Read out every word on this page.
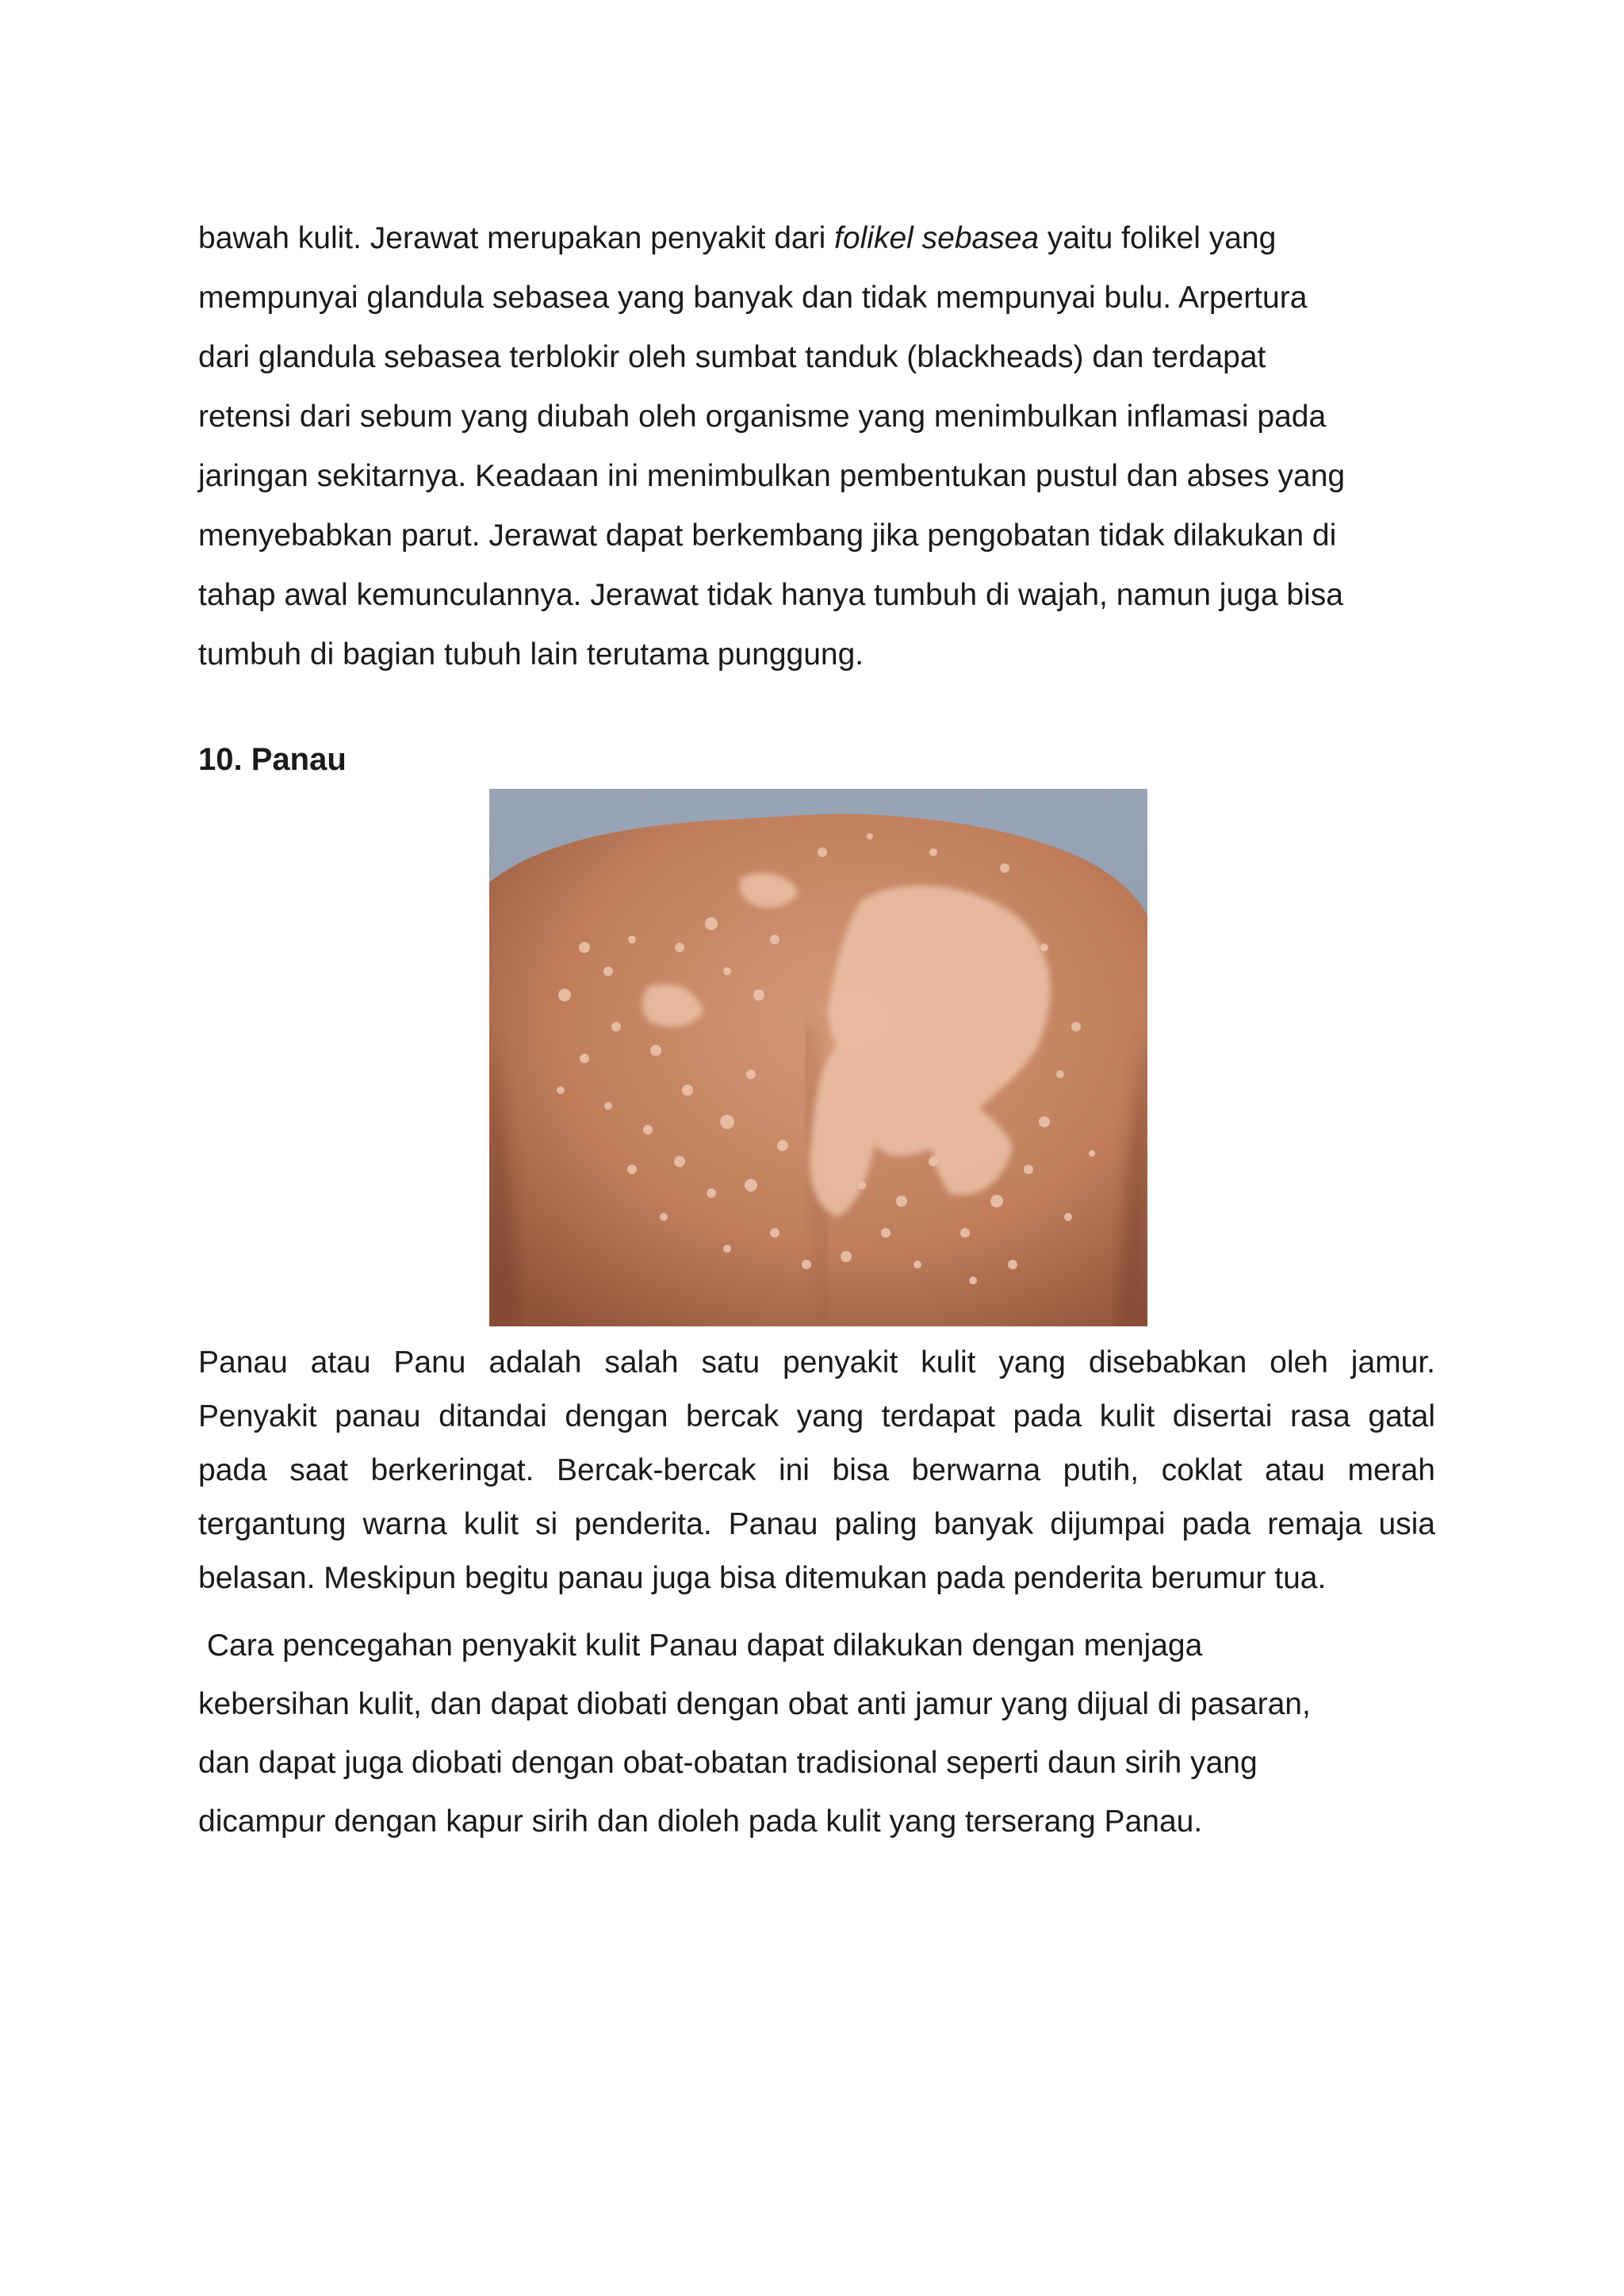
bawah kulit. Jerawat merupakan penyakit dari folikel sebasea yaitu folikel yang
mempunyai glandula sebasea yang banyak dan tidak mempunyai bulu. Arpertura
dari glandula sebasea terblokir oleh sumbat tanduk (blackheads) dan terdapat
retensi dari sebum yang diubah oleh organisme yang menimbulkan inflamasi pada
jaringan sekitarnya. Keadaan ini menimbulkan pembentukan pustul dan abses yang
menyebabkan parut. Jerawat dapat berkembang jika pengobatan tidak dilakukan di
tahap awal kemunculannya. Jerawat tidak hanya tumbuh di wajah, namun juga bisa
tumbuh di bagian tubuh lain terutama punggung.

10. Panau

Panau atau Panu adalah salah satu penyakit kulit yang disebabkan oleh jamur.
Penyakit panau ditandai dengan bercak yang terdapat pada kulit disertai rasa gatal
pada saat berkeringat. Bercak-bercak ini bisa berwarna putih, coklat atau merah
tergantung warna kulit si penderita. Panau paling banyak dijumpai pada remaja usia
belasan. Meskipun begitu panau juga bisa ditemukan pada penderita berumur tua.

Cara pencegahan penyakit kulit Panau dapat dilakukan dengan menjaga
kebersihan kulit, dan dapat diobati dengan obat anti jamur yang dijual di pasaran,
dan dapat juga diobati dengan obat-obatan tradisional seperti daun sirih yang
dicampur dengan kapur sirih dan dioleh pada kulit yang terserang Panau.
